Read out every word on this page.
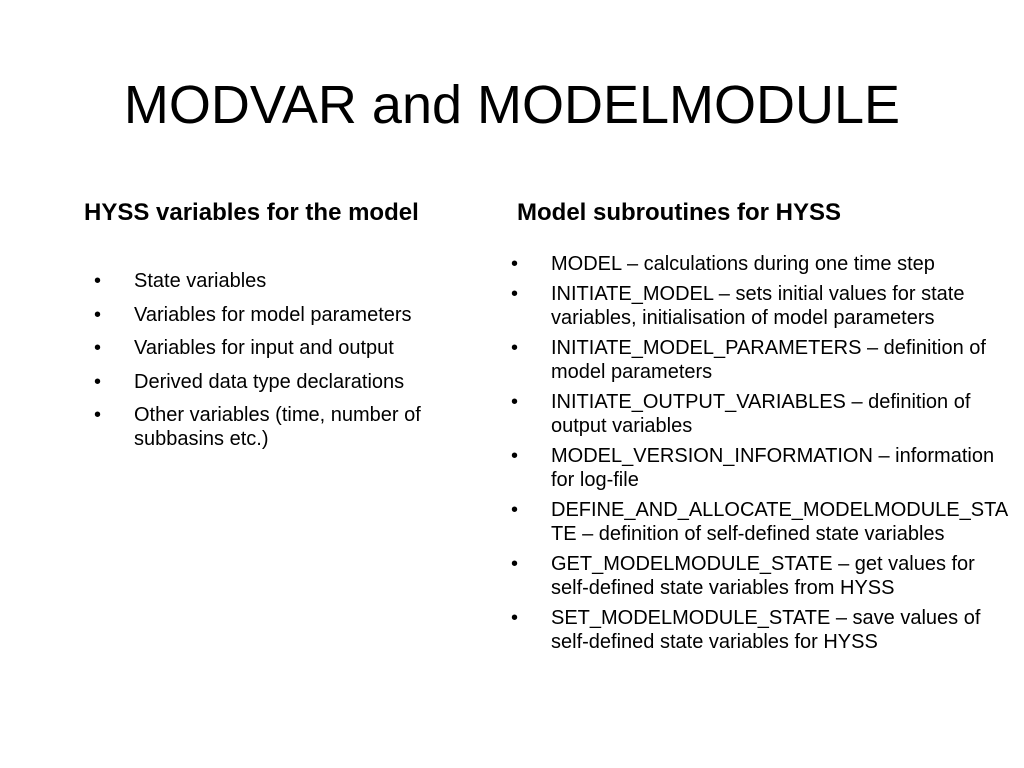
MODVAR and MODELMODULE
HYSS variables for the model	Model subroutines for HYSS
•	State variables
•	Variables for model parameters
•	Variables for input and output
•	Derived data type declarations
•	Other variables (time, number of subbasins etc.)
•	MODEL – calculations during one time step
•	INITIATE_MODEL – sets initial values for state variables, initialisation of model parameters
•	INITIATE_MODEL_PARAMETERS – definition of model parameters
•	INITIATE_OUTPUT_VARIABLES – definition of output variables
•	MODEL_VERSION_INFORMATION – information for log-file
•	DEFINE_AND_ALLOCATE_MODELMODULE_STATE – definition of self-defined state variables
•	GET_MODELMODULE_STATE – get values for self-defined state variables from HYSS
•	SET_MODELMODULE_STATE – save values of self-defined state variables for HYSS
